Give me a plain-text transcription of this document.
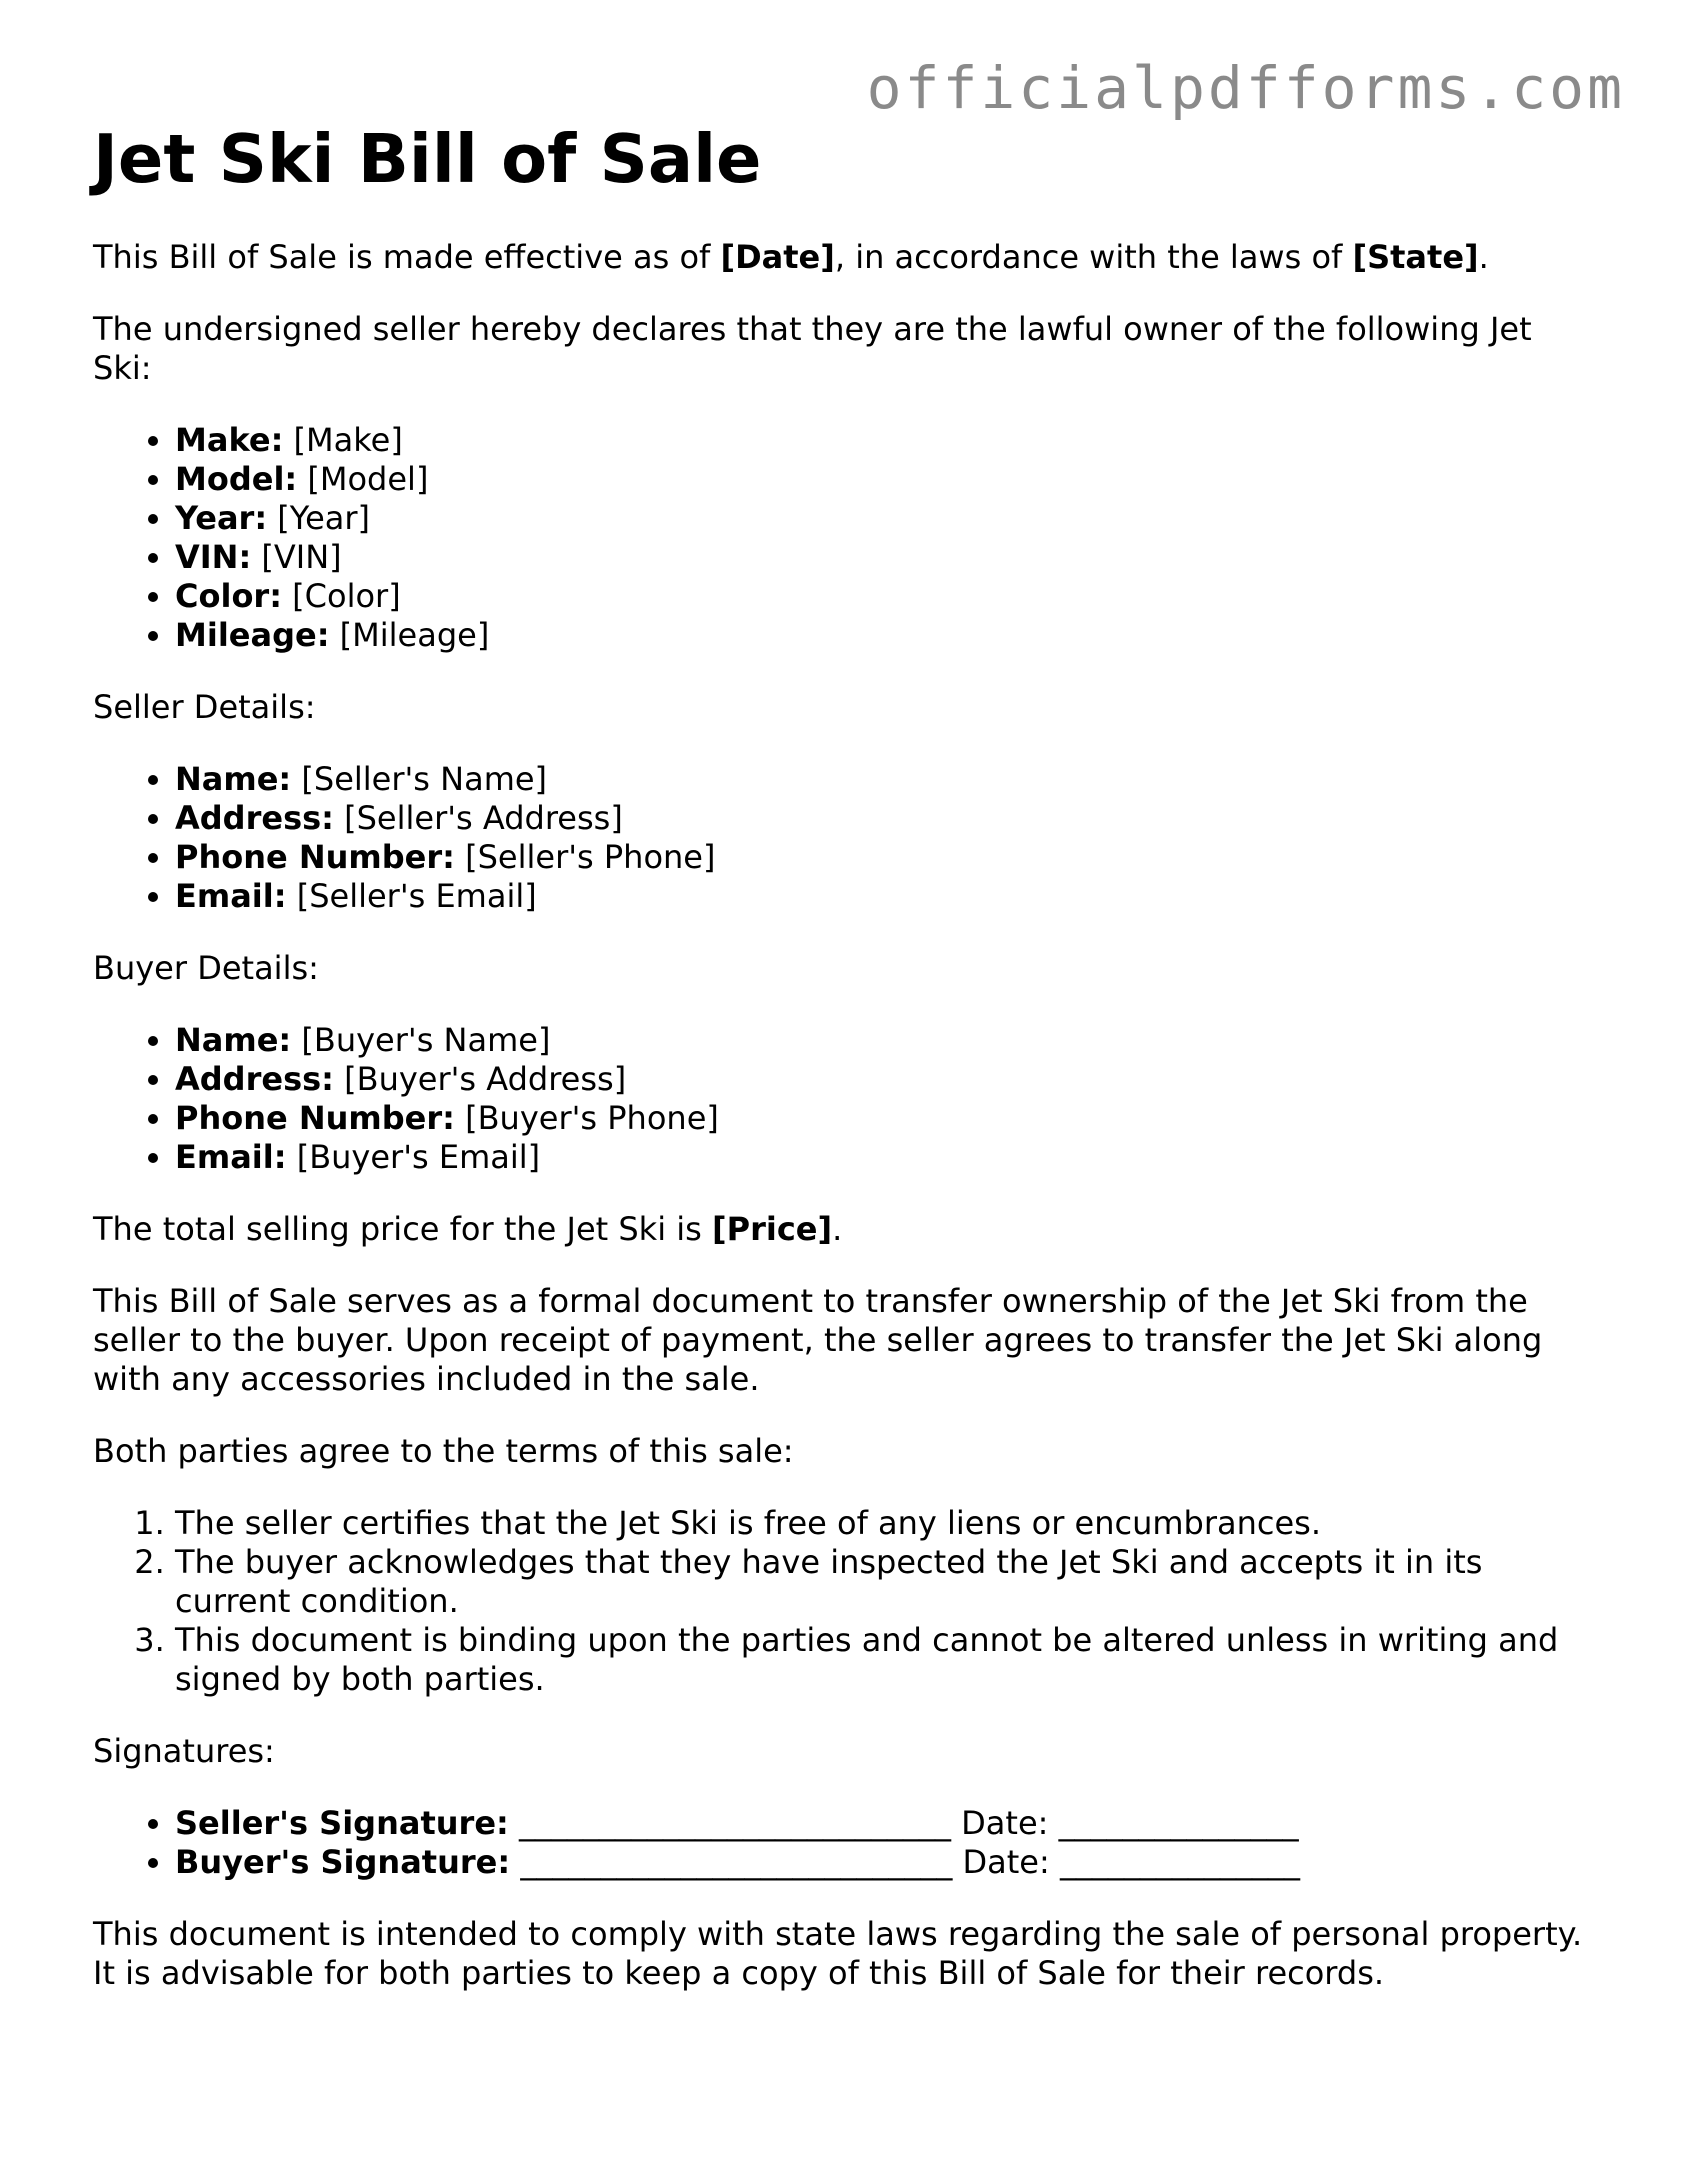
officialpdfforms.com
Jet Ski Bill of Sale

This Bill of Sale is made effective as of [Date], in accordance with the laws of [State].

The undersigned seller hereby declares that they are the lawful owner of the following Jet Ski:

• Make: [Make]
• Model: [Model]
• Year: [Year]
• VIN: [VIN]
• Color: [Color]
• Mileage: [Mileage]

Seller Details:

• Name: [Seller's Name]
• Address: [Seller's Address]
• Phone Number: [Seller's Phone]
• Email: [Seller's Email]

Buyer Details:

• Name: [Buyer's Name]
• Address: [Buyer's Address]
• Phone Number: [Buyer's Phone]
• Email: [Buyer's Email]

The total selling price for the Jet Ski is [Price].

This Bill of Sale serves as a formal document to transfer ownership of the Jet Ski from the seller to the buyer. Upon receipt of payment, the seller agrees to transfer the Jet Ski along with any accessories included in the sale.

Both parties agree to the terms of this sale:

1. The seller certifies that the Jet Ski is free of any liens or encumbrances.
2. The buyer acknowledges that they have inspected the Jet Ski and accepts it in its current condition.
3. This document is binding upon the parties and cannot be altered unless in writing and signed by both parties.

Signatures:

• Seller's Signature: ___________________________ Date: _______________
• Buyer's Signature: ___________________________ Date: _______________

This document is intended to comply with state laws regarding the sale of personal property. It is advisable for both parties to keep a copy of this Bill of Sale for their records.
